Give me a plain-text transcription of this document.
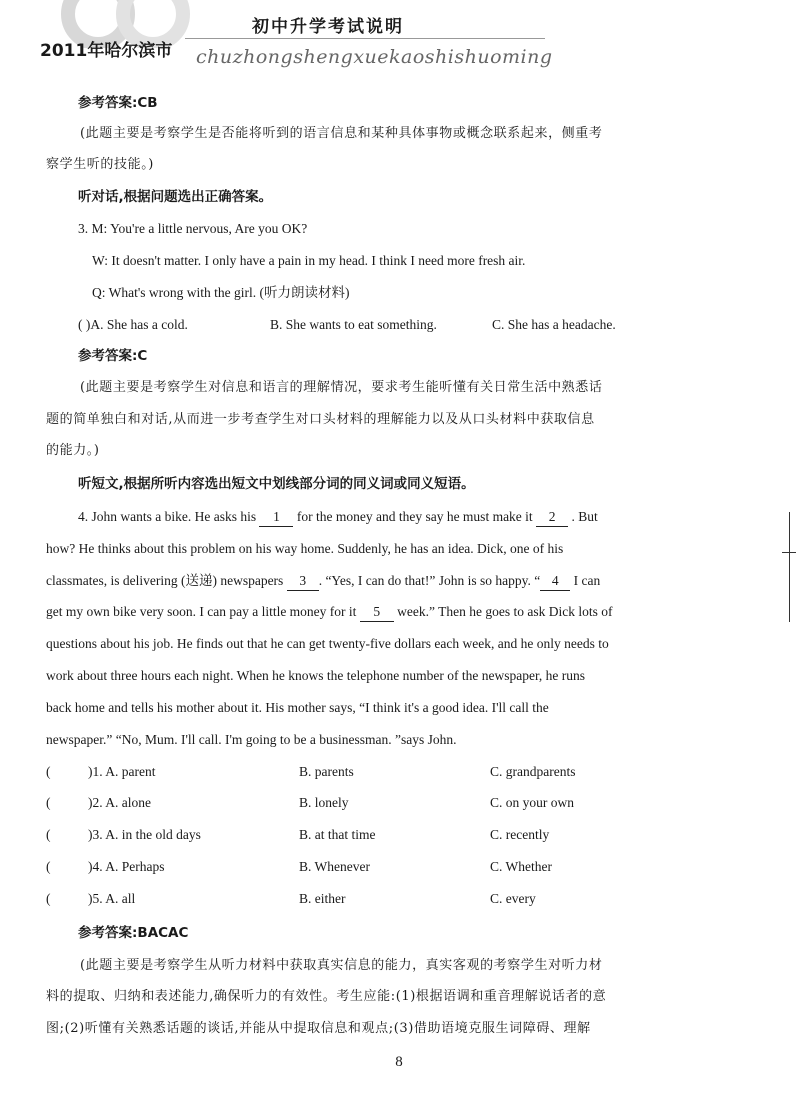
2011年哈尔滨市
初中升学考试说明
chuzhongshengxuekaoshishuoming
参考答案:CB
(此题主要是考察学生是否能将听到的语言信息和某种具体事物或概念联系起来，侧重考
察学生听的技能。)
听对话,根据问题选出正确答案。
3. M: You're a little nervous, Are you OK?
W: It doesn't matter. I only have a pain in my head. I think I need more fresh air.
Q: What's wrong with the girl. (听力朗读材料)
( )A. She has a cold.	B. She wants to eat something.	C. She has a headache.
参考答案:C
(此题主要是考察学生对信息和语言的理解情况，要求考生能听懂有关日常生活中熟悉话
题的简单独白和对话,从而进一步考查学生对口头材料的理解能力以及从口头材料中获取信息
的能力。)
听短文,根据所听内容选出短文中划线部分词的同义词或同义短语。
4. John wants a bike. He asks his 1 for the money and they say he must make it 2 . But
how? He thinks about this problem on his way home. Suddenly, he has an idea. Dick, one of his
classmates, is delivering (送递) newspapers 3 . “Yes, I can do that!” John is so happy. “ 4 I can
get my own bike very soon. I can pay a little money for it 5 week.” Then he goes to ask Dick lots of
questions about his job. He finds out that he can get twenty-five dollars each week, and he only needs to
work about three hours each night. When he knows the telephone number of the newspaper, he runs
back home and tells his mother about it. His mother says, “I think it's a good idea. I'll call the
newspaper.” “No, Mum. I'll call. I'm going to be a businessman. ”says John.
(	)1. A. parent	B. parents	C. grandparents
(	)2. A. alone	B. lonely	C. on your own
(	)3. A. in the old days	B. at that time	C. recently
(	)4. A. Perhaps	B. Whenever	C. Whether
(	)5. A. all	B. either	C. every
参考答案:BACAC
(此题主要是考察学生从听力材料中获取真实信息的能力，真实客观的考察学生对听力材
料的提取、归纳和表述能力,确保听力的有效性。考生应能:(1)根据语调和重音理解说话者的意
图;(2)听懂有关熟悉话题的谈话,并能从中提取信息和观点;(3)借助语境克服生词障碍、理解
8
